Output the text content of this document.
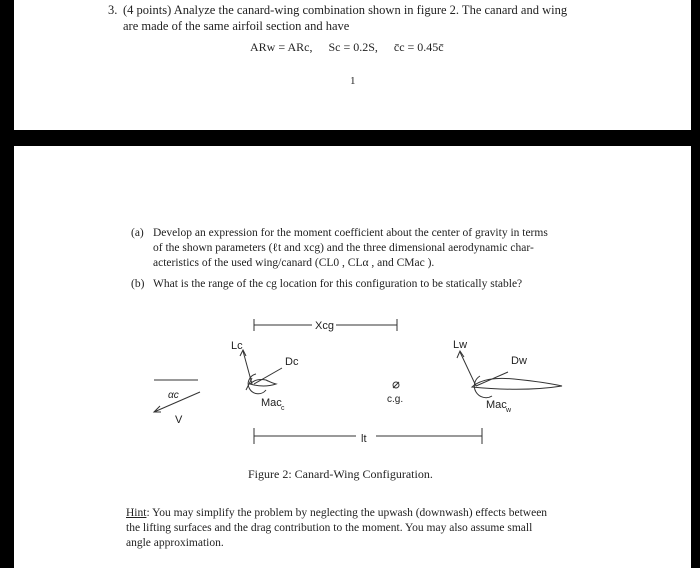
3. (4 points) Analyze the canard-wing combination shown in figure 2. The canard and wing
are made of the same airfoil section and have
ARw = ARc, Sc = 0.2S, c̄c = 0.45c̄
1
(a) Develop an expression for the moment coefficient about the center of gravity in terms
of the shown parameters (ℓt and xcg) and the three dimensional aerodynamic char-
acteristics of the used wing/canard (CL0 , CLα , and CMac ).
(b) What is the range of the cg location for this configuration to be statically stable?
Xcg
Lc
Dc
Mac c
αc
V
c.g.
Lw
Dw
Mac w
lt
Figure 2: Canard-Wing Configuration.
Hint: You may simplify the problem by neglecting the upwash (downwash) effects between
the lifting surfaces and the drag contribution to the moment. You may also assume small
angle approximation.
